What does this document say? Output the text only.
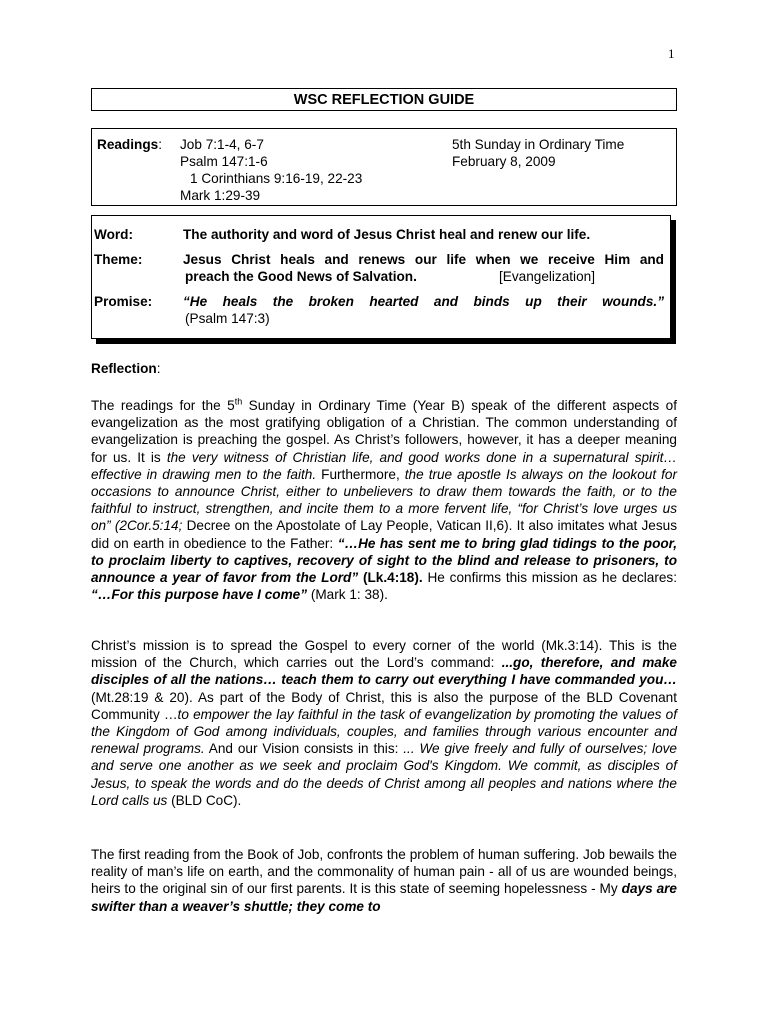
1
WSC REFLECTION GUIDE
Readings: Job 7:1-4, 6-7
Psalm 147:1-6
1 Corinthians 9:16-19, 22-23
Mark 1:29-39
5th Sunday in Ordinary Time
February 8, 2009
Word:	The authority and word of Jesus Christ heal and renew our life.
Theme:	Jesus Christ heals and renews our life when we receive Him and
preach the Good News of Salvation.	[Evangelization]
Promise: “He heals the broken hearted and binds up their wounds.”
(Psalm 147:3)
Reflection:
The readings for the 5th Sunday in Ordinary Time (Year B) speak of the different aspects of evangelization as the most gratifying obligation of a Christian. The common understanding of evangelization is preaching the gospel. As Christ’s followers, however, it has a deeper meaning for us. It is the very witness of Christian life, and good works done in a supernatural spirit…effective in drawing men to the faith. Furthermore, the true apostle Is always on the lookout for occasions to announce Christ, either to unbelievers to draw them towards the faith, or to the faithful to instruct, strengthen, and incite them to a more fervent life, “for Christ’s love urges us on” (2Cor.5:14; Decree on the Apostolate of Lay People, Vatican II,6). It also imitates what Jesus did on earth in obedience to the Father: “…He has sent me to bring glad tidings to the poor, to proclaim liberty to captives, recovery of sight to the blind and release to prisoners, to announce a year of favor from the Lord” (Lk.4:18). He confirms this mission as he declares: “…For this purpose have I come” (Mark 1: 38).
Christ’s mission is to spread the Gospel to every corner of the world (Mk.3:14). This is the mission of the Church, which carries out the Lord’s command: ...go, therefore, and make disciples of all the nations… teach them to carry out everything I have commanded you… (Mt.28:19 & 20). As part of the Body of Christ, this is also the purpose of the BLD Covenant Community …to empower the lay faithful in the task of evangelization by promoting the values of the Kingdom of God among individuals, couples, and families through various encounter and renewal programs. And our Vision consists in this: ... We give freely and fully of ourselves; love and serve one another as we seek and proclaim God's Kingdom. We commit, as disciples of Jesus, to speak the words and do the deeds of Christ among all peoples and nations where the Lord calls us (BLD CoC).
The first reading from the Book of Job, confronts the problem of human suffering. Job bewails the reality of man’s life on earth, and the commonality of human pain - all of us are wounded beings, heirs to the original sin of our first parents. It is this state of seeming hopelessness - My days are swifter than a weaver’s shuttle; they come to
